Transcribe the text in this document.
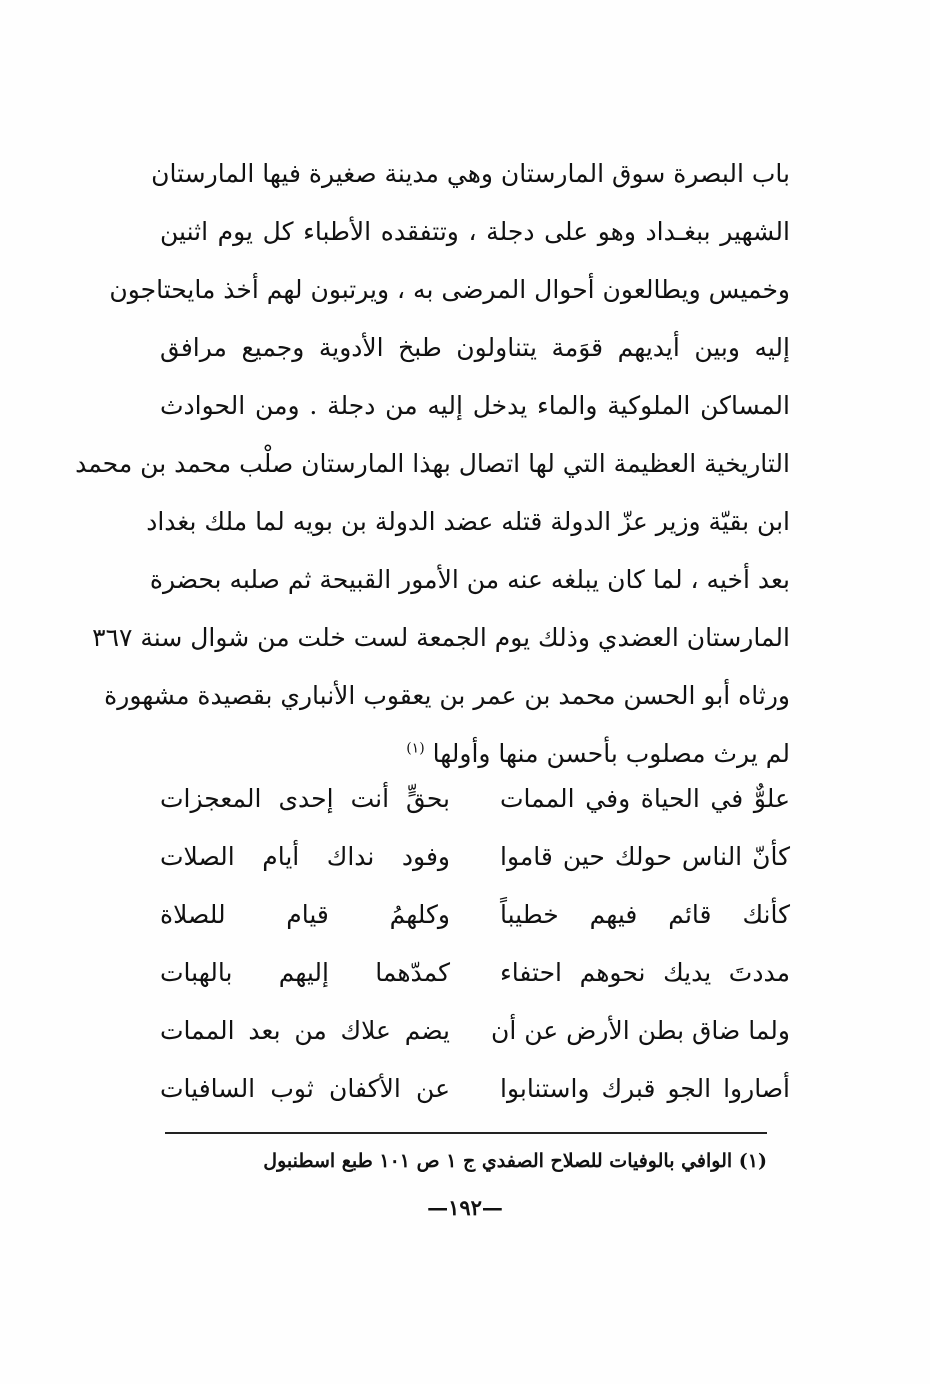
باب البصرة سوق المارستان وهي مدينة صغيرة فيها المارستان
الشهير ببغـداد وهو على دجلة ، وتتفقده الأطباء كل يوم اثنين
وخميس ويطالعون أحوال المرضى به ، ويرتبون لهم أخذ مايحتاجون
إليه وبين أيديهم قوَمة يتناولون طبخ الأدوية وجميع مرافق
المساكن الملوكية والماء يدخل إليه من دجلة . ومن الحوادث
التاريخية العظيمة التي لها اتصال بهذا المارستان صلْب محمد بن محمد
ابن بقيّة وزير عزّ الدولة قتله عضد الدولة بن بويه لما ملك بغداد
بعد أخيه ، لما كان يبلغه عنه من الأمور القبيحة ثم صلبه بحضرة
المارستان العضدي وذلك يوم الجمعة لست خلت من شوال سنة ٣٦٧
ورثاه أبو الحسن محمد بن عمر بن يعقوب الأنباري بقصيدة مشهورة
لم يرث مصلوب بأحسن منها وأولها $^{(١)}$
علوٌّ في الحياة وفي الممات
بحقٍّ أنت إحدى المعجزات
كأنّ الناس حولك حين قاموا
وفود نداك أيام الصلات
كأنك قائم فيهم خطيباً
وكلهمُ قيام للصلاة
مددتَ يديك نحوهم احتفاء
كمدّهما إليهم بالهبات
ولما ضاق بطن الأرض عن أن
يضم علاك من بعد الممات
أصاروا الجو قبرك واستنابوا
عن الأكفان ثوب السافيات
(١) الوافي بالوفيات للصلاح الصفدي ج ١ ص ١٠١ طبع اسطنبول
—١٩٢—
